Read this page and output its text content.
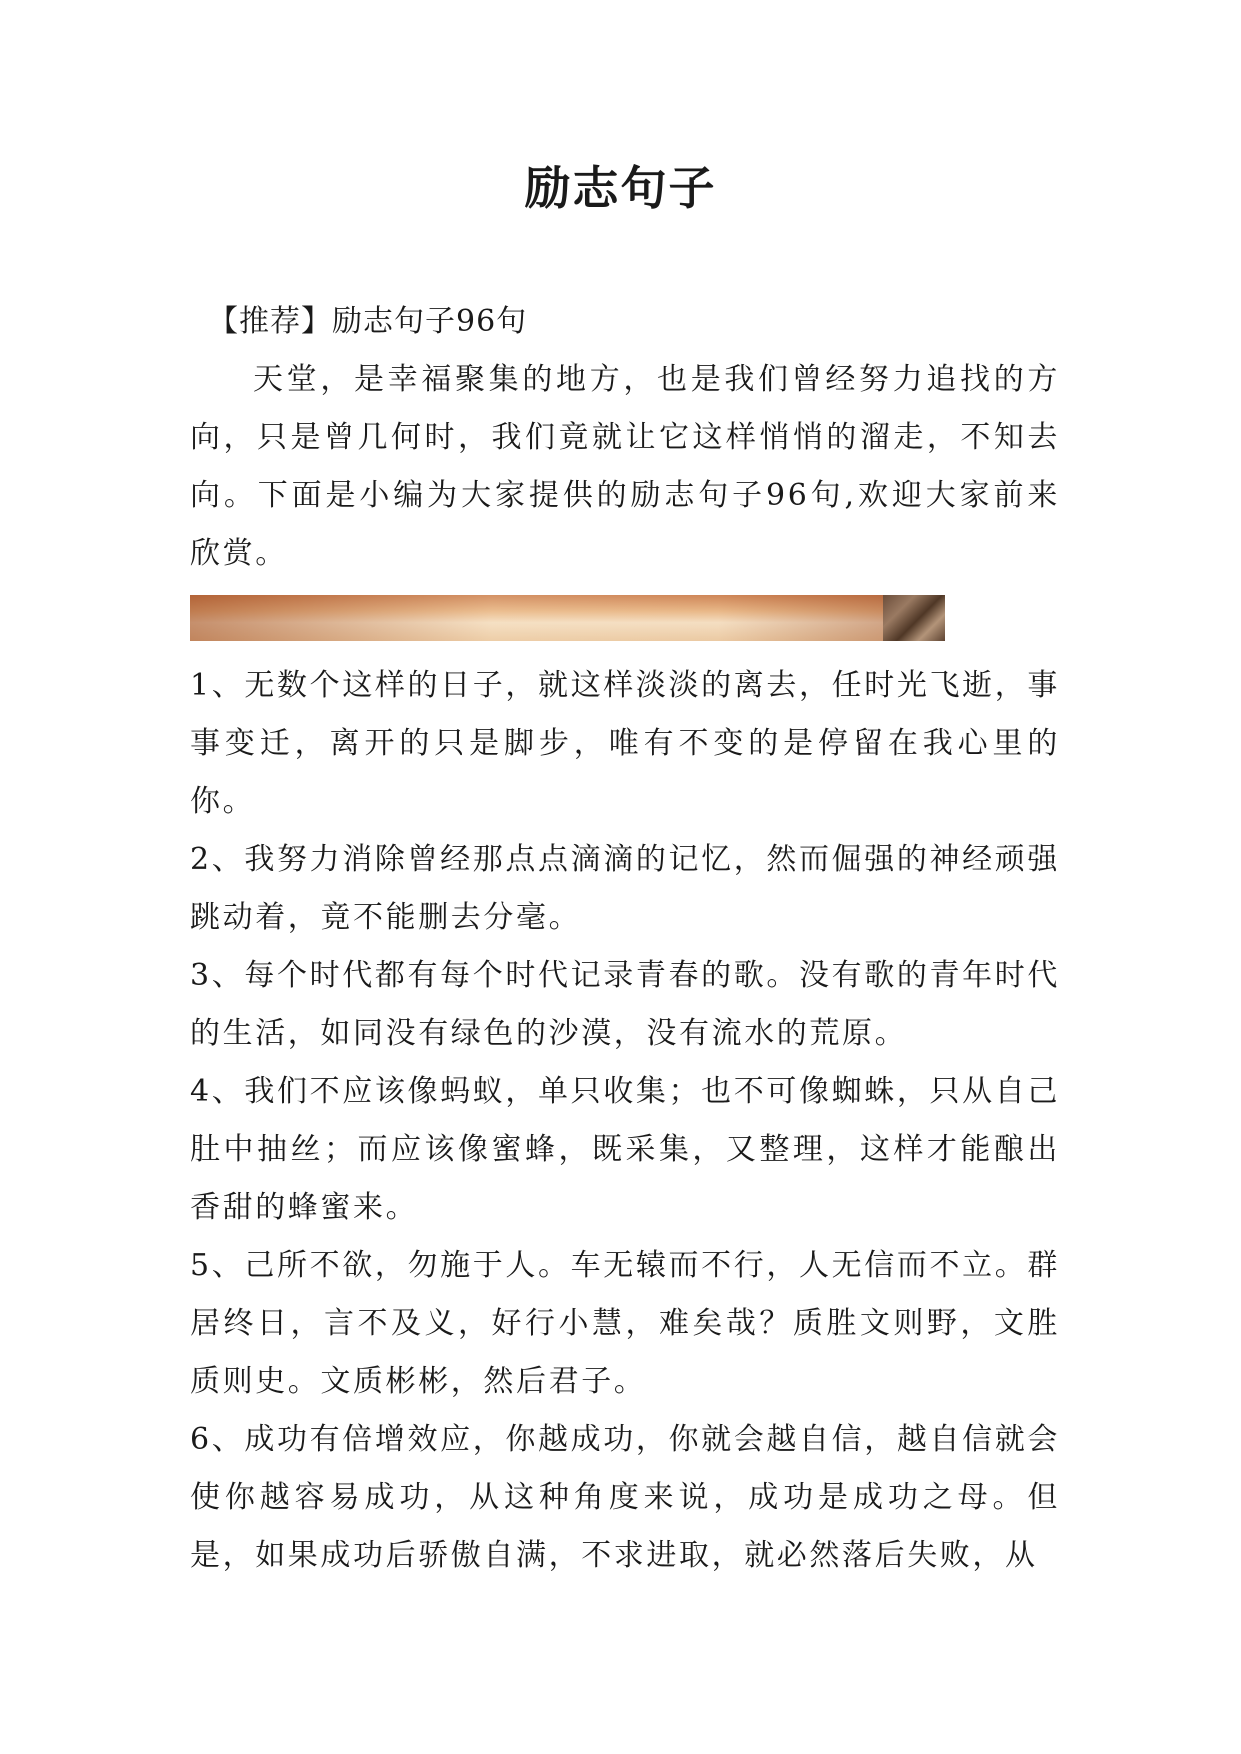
励志句子

【推荐】励志句子96句

天堂，是幸福聚集的地方，也是我们曾经努力追找的方向，只是曾几何时，我们竟就让它这样悄悄的溜走，不知去向。下面是小编为大家提供的励志句子96句,欢迎大家前来欣赏。

1、无数个这样的日子，就这样淡淡的离去，任时光飞逝，事事变迁，离开的只是脚步，唯有不变的是停留在我心里的你。

2、我努力消除曾经那点点滴滴的记忆，然而倔强的神经顽强跳动着，竟不能删去分毫。

3、每个时代都有每个时代记录青春的歌。没有歌的青年时代的生活，如同没有绿色的沙漠，没有流水的荒原。

4、我们不应该像蚂蚁，单只收集；也不可像蜘蛛，只从自己肚中抽丝；而应该像蜜蜂，既采集，又整理，这样才能酿出香甜的蜂蜜来。

5、己所不欲，勿施于人。车无辕而不行，人无信而不立。群居终日，言不及义，好行小慧，难矣哉？质胜文则野，文胜质则史。文质彬彬，然后君子。

6、成功有倍增效应，你越成功，你就会越自信，越自信就会使你越容易成功，从这种角度来说，成功是成功之母。但是，如果成功后骄傲自满，不求进取，就必然落后失败，从
